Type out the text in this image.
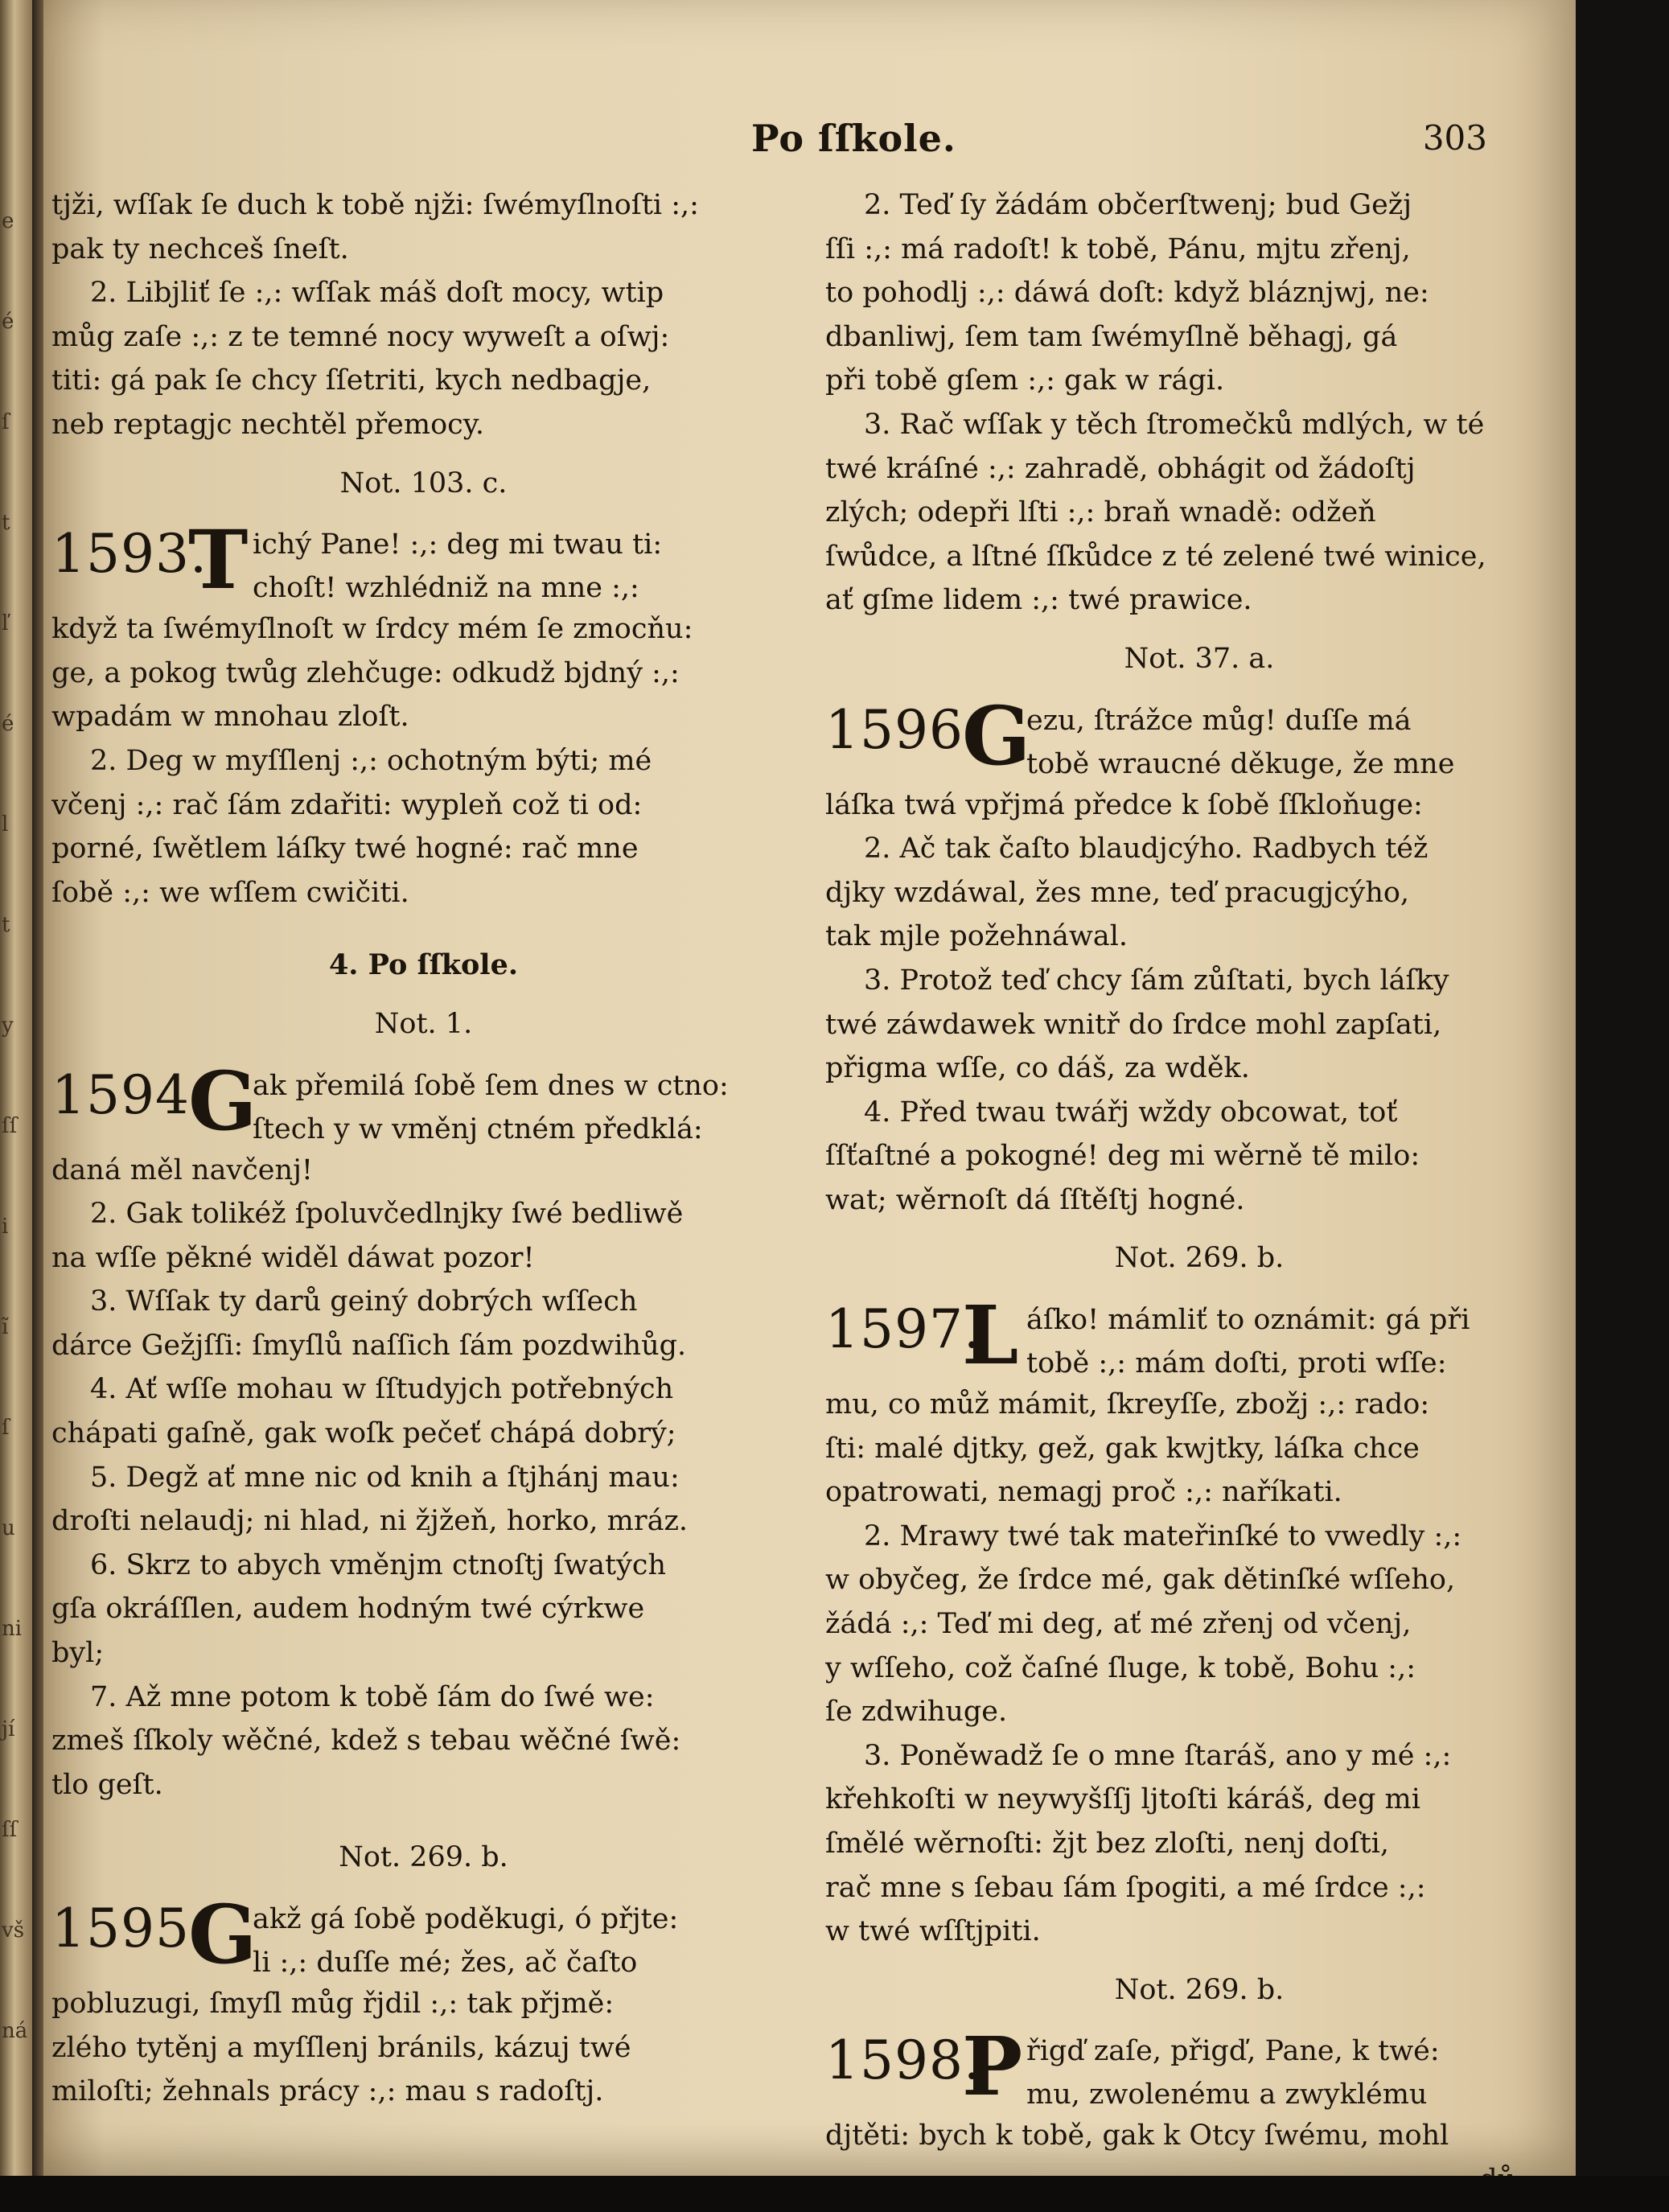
e
é
ſ
t
ľ
é
l
t
y
ſſ
i
ĩ
ſ
u
ni
jí
ſſ
vš
ná
Po ſſkole.	303
tjži, wſſak ſe duch k tobě njži: ſwémyſlnoſti :,:
pak ty nechceš ſneſt.
2. Libjliť ſe :,: wſſak máš doſt mocy, wtip
můg zaſe :,: z te temné nocy wyweſt a oſwj:
titi: gá pak ſe chcy ſſetriti, kych nedbagje,
neb reptagjc nechtěl přemocy.
Not. 103. c.
1593.
T ichý Pane! :,: deg mi twau ti:
choſt! wzhlédniž na mne :,:
když ta ſwémyſlnoſt w ſrdcy mém ſe zmocňu:
ge, a pokog twůg zlehčuge: odkudž bjdný :,:
wpadám w mnohau zloſt.
2. Deg w myſſlenj :,: ochotným býti; mé
včenj :,: rač ſám zdařiti: wypleň což ti od:
porné, ſwětlem láſky twé hogné: rač mne
ſobě :,: we wſſem cwičiti.
4. Po ſſkole.
Not. 1.
1594.
G
ak přemilá ſobě ſem dnes w ctno:
ſtech y w vměnj ctném předklá:
daná měl navčenj!
2. Gak tolikéž ſpoluvčedlnjky ſwé bedliwě
na wſſe pěkné widěl dáwat pozor!
3. Wſſak ty darů geiný dobrých wſſech
dárce Gežjſſi: ſmyſlů naſſich ſám pozdwihůg.
4. Ať wſſe mohau w ſſtudyjch potřebných
chápati gaſně, gak woſk pečeť chápá dobrý;
5. Degž ať mne nic od knih a ſtjhánj mau:
droſti nelaudj; ni hlad, ni žjžeň, horko, mráz.
6. Skrz to abych vměnjm ctnoſtj ſwatých
gſa okráſſlen, audem hodným twé cýrkwe
byl;
7. Až mne potom k tobě ſám do ſwé we:
zmeš ſſkoly wěčné, kdež s tebau wěčné ſwě:
tlo geſt.
Not. 269. b.
1595.
G
akž gá ſobě poděkugi, ó přjte:
li :,: duſſe mé; žes, ač čaſto
pobluzugi, ſmyſl můg řjdil :,: tak přjmě:
zlého tytěnj a myſſlenj bránils, kázuj twé
miloſti; žehnals prácy :,: mau s radoſtj.
2. Teď ſy žádám občerſtwenj; bud Gežj
ſſi :,: má radoſt! k tobě, Pánu, mjtu zřenj,
to pohodlj :,: dáwá doſt: když bláznjwj, ne:
dbanliwj, ſem tam ſwémyſlně běhagj, gá
při tobě gſem :,: gak w rági.
3. Rač wſſak y těch ſtromečků mdlých, w té
twé kráſné :,: zahradě, obhágit od žádoſtj
zlých; odepři lſti :,: braň wnadě: odžeň
ſwůdce, a lſtné ſſkůdce z té zelené twé winice,
ať gſme lidem :,: twé prawice.
Not. 37. a.
1596.
G
ezu, ſtrážce můg! duſſe má
tobě wraucné děkuge, že mne
láſka twá vpřjmá předce k ſobě ſſkloňuge:
2. Ač tak čaſto blaudjcýho. Radbych též
djky wzdáwal, žes mne, teď pracugjcýho,
tak mjle požehnáwal.
3. Protož teď chcy ſám zůſtati, bych láſky
twé záwdawek wnitř do ſrdce mohl zapſati,
přigma wſſe, co dáš, za wděk.
4. Před twau twářj wždy obcowat, toť
ſſťaſtné a pokogné! deg mi wěrně tě milo:
wat; wěrnoſt dá ſſtěſtj hogné.
Not. 269. b.
1597.
L áſko! mámliť to oznámit: gá při
tobě :,: mám doſti, proti wſſe:
mu, co můž mámit, ſkreyſſe, zbožj :,: rado:
ſti: malé djtky, gež, gak kwjtky, láſka chce
opatrowati, nemagj proč :,: naříkati.
2. Mrawy twé tak mateřinſké to vwedly :,:
w obyčeg, že ſrdce mé, gak dětinſké wſſeho,
žádá :,: Teď mi deg, ať mé zřenj od včenj,
y wſſeho, což čaſné ſluge, k tobě, Bohu :,:
ſe zdwihuge.
3. Poněwadž ſe o mne ſtaráš, ano y mé :,:
křehkoſti w neywyšſſj ljtoſti káráš, deg mi
ſmělé wěrnoſti: žjt bez zloſti, nenj doſti,
rač mne s ſebau ſám ſpogiti, a mé ſrdce :,:
w twé wſſtjpiti.
Not. 269. b.
1598.
P řigď zaſe, přigď, Pane, k twé:
mu, zwolenému a zwyklému
djtěti: bych k tobě, gak k Otcy ſwému, mohl
